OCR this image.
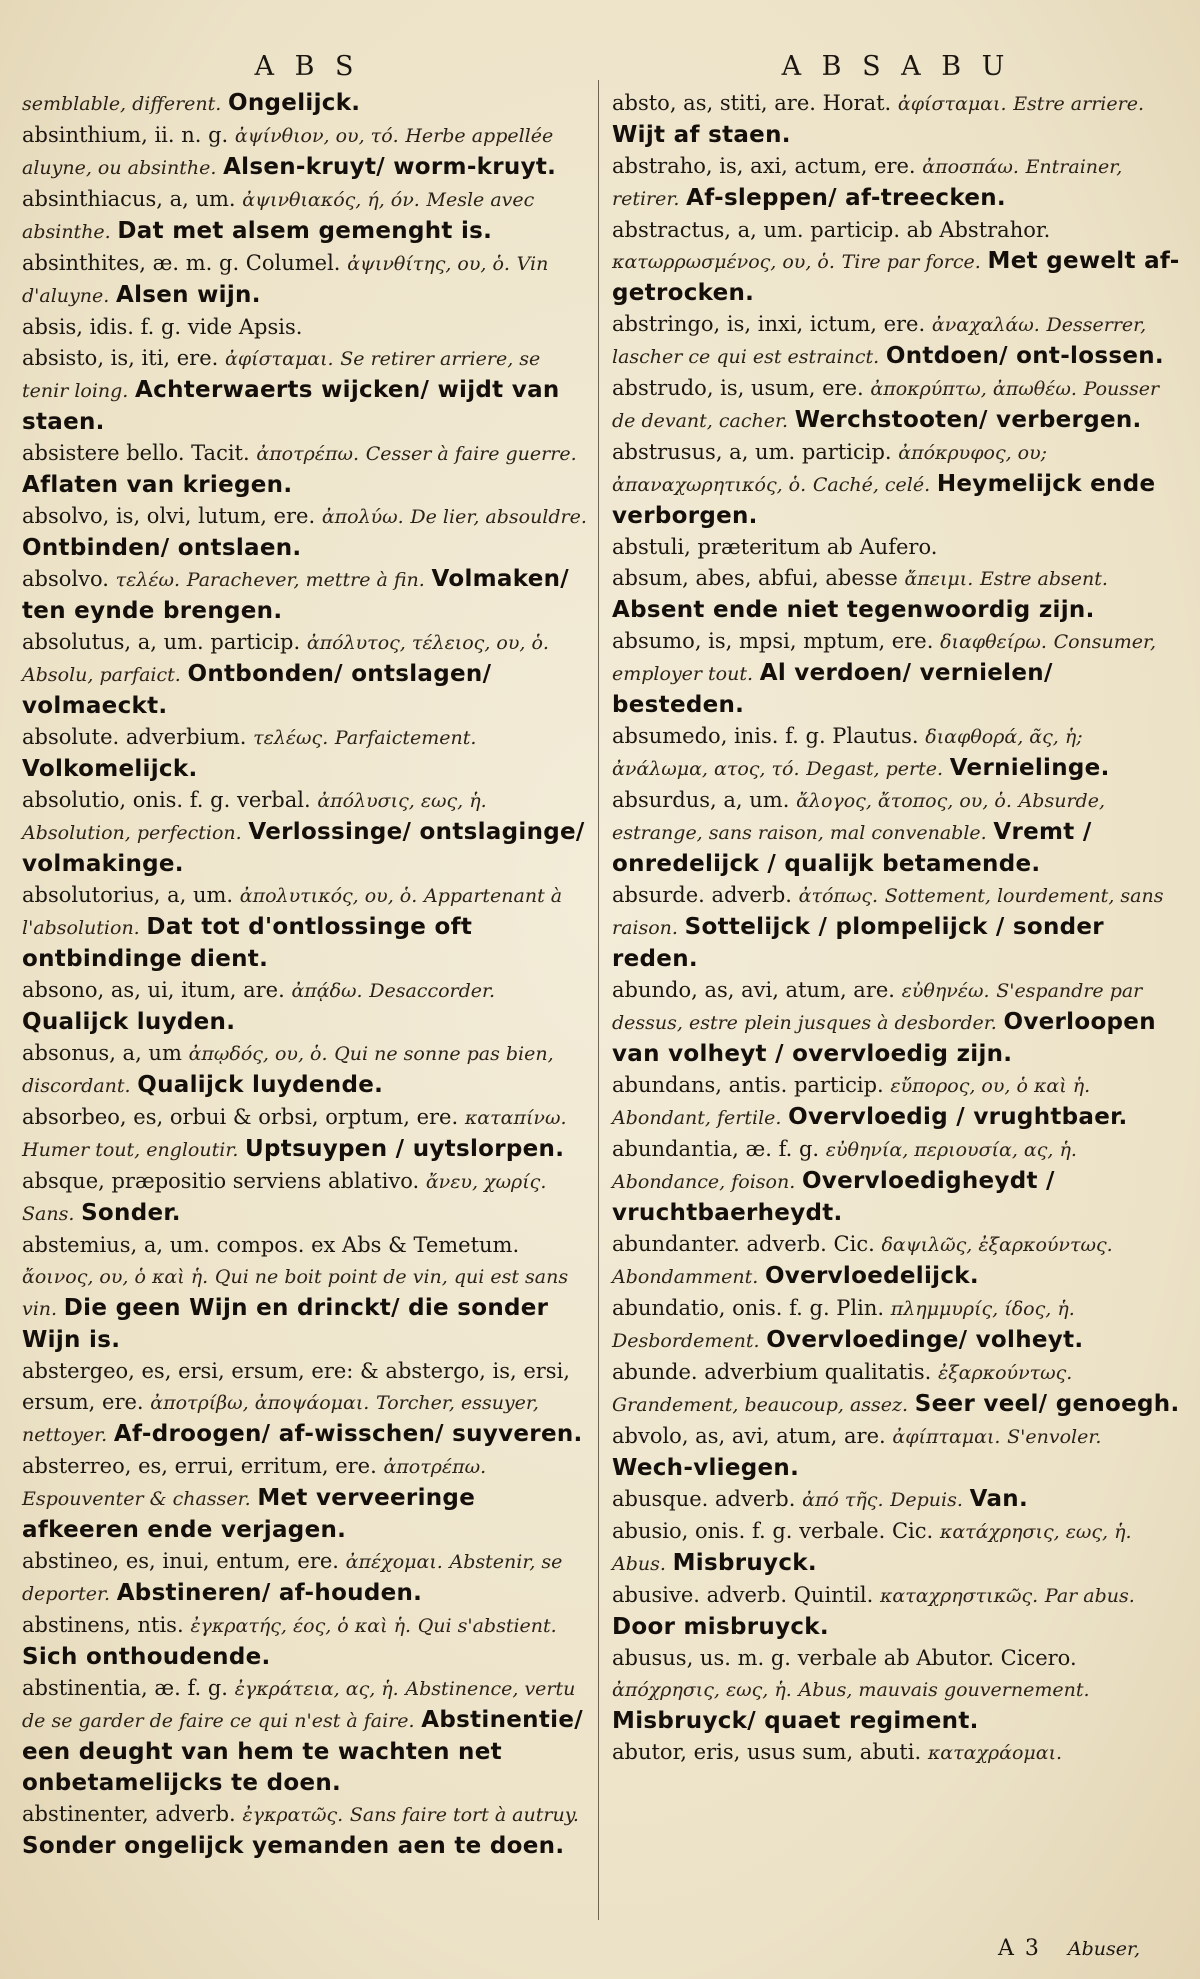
A B S

semblable, different. Ongelijck.

absinthium, ii. n. g. ἀψίνθιον, ου, τό. Herbe appellée aluyne, ou absinthe. Alsen-kruyt/ worm-kruyt.

absinthiacus, a, um. ἀψινθιακός, ή, όν. Mesle avec absinthe. Dat met alsem gemenght is.

absinthites, æ. m. g. Columel. ἀψινθίτης, ου, ὁ. Vin d'aluyne. Alsen wijn.

absis, idis. f. g. vide Apsis.

absisto, is, iti, ere. ἀφίσταμαι. Se retirer arriere, se tenir loing. Achterwaerts wijcken/ wijdt van staen.

absistere bello. Tacit. ἀποτρέπω. Cesser à faire guerre. Aflaten van kriegen.

absolvo, is, olvi, lutum, ere. ἀπολύω. De lier, absouldre. Ontbinden/ ontslaen.

absolvo. τελέω. Parachever, mettre à fin. Volmaken/ ten eynde brengen.

absolutus, a, um. particip. ἀπόλυτος, τέλειος, ου, ὁ. Absolu, parfaict. Ontbonden/ ontslagen/ volmaeckt.

absolute. adverbium. τελέως. Parfaictement. Volkomelijck.

absolutio, onis. f. g. verbal. ἀπόλυσις, εως, ἡ. Absolution, perfection. Verlossinge/ ontslaginge/ volmakinge.

absolutorius, a, um. ἀπολυτικός, ου, ὁ. Appartenant à l'absolution. Dat tot d'ontlossinge oft ontbindinge dient.

absono, as, ui, itum, are. ἀπᾴδω. Desaccorder. Qualijck luyden.

absonus, a, um ἀπῳδός, ου, ὁ. Qui ne sonne pas bien, discordant. Qualijck luydende.

absorbeo, es, orbui & orbsi, orptum, ere. καταπίνω. Humer tout, engloutir. Uptsuypen / uytslorpen.

absque, præpositio serviens ablativo. ἄνευ, χωρίς. Sans. Sonder.

abstemius, a, um. compos. ex Abs & Temetum. ἄοινος, ου, ὁ καὶ ἡ. Qui ne boit point de vin, qui est sans vin. Die geen Wijn en drinckt/ die sonder Wijn is.

abstergeo, es, ersi, ersum, ere: & abstergo, is, ersi, ersum, ere. ἀποτρίβω, ἀποψάομαι. Torcher, essuyer, nettoyer. Af-droogen/ af-wisschen/ suyveren.

absterreo, es, errui, erritum, ere. ἀποτρέπω. Espouventer & chasser. Met verveeringe afkeeren ende verjagen.

abstineo, es, inui, entum, ere. ἀπέχομαι. Abstenir, se deporter. Abstineren/ af-houden.

abstinens, ntis. ἐγκρατής, έος, ὁ καὶ ἡ. Qui s'abstient. Sich onthoudende.

abstinentia, æ. f. g. ἐγκράτεια, ας, ἡ. Abstinence, vertu de se garder de faire ce qui n'est à faire. Abstinentie/ een deught van hem te wachten net onbetamelijcks te doen.

abstinenter, adverb. ἐγκρατῶς. Sans faire tort à autruy. Sonder ongelijck yemanden aen te doen.

A B S A B U

absto, as, stiti, are. Horat. ἀφίσταμαι. Estre arriere. Wijt af staen.

abstraho, is, axi, actum, ere. ἀποσπάω. Entrainer, retirer. Af-sleppen/ af-treecken.

abstractus, a, um. particip. ab Abstrahor. κατωρρωσμένος, ου, ὁ. Tire par force. Met gewelt af-getrocken.

abstringo, is, inxi, ictum, ere. ἀναχαλάω. Desserrer, lascher ce qui est estrainct. Ontdoen/ ont-lossen.

abstrudo, is, usum, ere. ἀποκρύπτω, ἀπωθέω. Pousser de devant, cacher. Werchstooten/ verbergen.

abstrusus, a, um. particip. ἀπόκρυφος, ου; ἀπαναχωρητικός, ὁ. Caché, celé. Heymelijck ende verborgen.

abstuli, præteritum ab Aufero.

absum, abes, abfui, abesse ἄπειμι. Estre absent. Absent ende niet tegenwoordig zijn.

absumo, is, mpsi, mptum, ere. διαφθείρω. Consumer, employer tout. Al verdoen/ vernielen/ besteden.

absumedo, inis. f. g. Plautus. διαφθορά, ᾶς, ἡ; ἀνάλωμα, ατος, τό. Degast, perte. Vernielinge.

absurdus, a, um. ἄλογος, ἄτοπος, ου, ὁ. Absurde, estrange, sans raison, mal convenable. Vremt / onredelijck / qualijk betamende.

absurde. adverb. ἀτόπως. Sottement, lourdement, sans raison. Sottelijck / plompelijck / sonder reden.

abundo, as, avi, atum, are. εὐθηνέω. S'espandre par dessus, estre plein jusques à desborder. Overloopen van volheyt / overvloedig zijn.

abundans, antis. particip. εὔπορος, ου, ὁ καὶ ἡ. Abondant, fertile. Overvloedig / vrughtbaer.

abundantia, æ. f. g. εὐθηνία, περιουσία, ας, ἡ. Abondance, foison. Overvloedigheydt / vruchtbaerheydt.

abundanter. adverb. Cic. δαψιλῶς, ἐξαρκούντως. Abondamment. Overvloedelijck.

abundatio, onis. f. g. Plin. πλημμυρίς, ίδος, ἡ. Desbordement. Overvloedinge/ volheyt.

abunde. adverbium qualitatis. ἐξαρκούντως. Grandement, beaucoup, assez. Seer veel/ genoegh.

abvolo, as, avi, atum, are. ἀφίπταμαι. S'envoler. Wech-vliegen.

abusque. adverb. ἀπό τῆς. Depuis. Van.

abusio, onis. f. g. verbale. Cic. κατάχρησις, εως, ἡ. Abus. Misbruyck.

abusive. adverb. Quintil. καταχρηστικῶς. Par abus. Door misbruyck.

abusus, us. m. g. verbale ab Abutor. Cicero. ἀπόχρησις, εως, ἡ. Abus, mauvais gouvernement. Misbruyck/ quaet regiment.

abutor, eris, usus sum, abuti. καταχράομαι.

A 3 Abuser,
